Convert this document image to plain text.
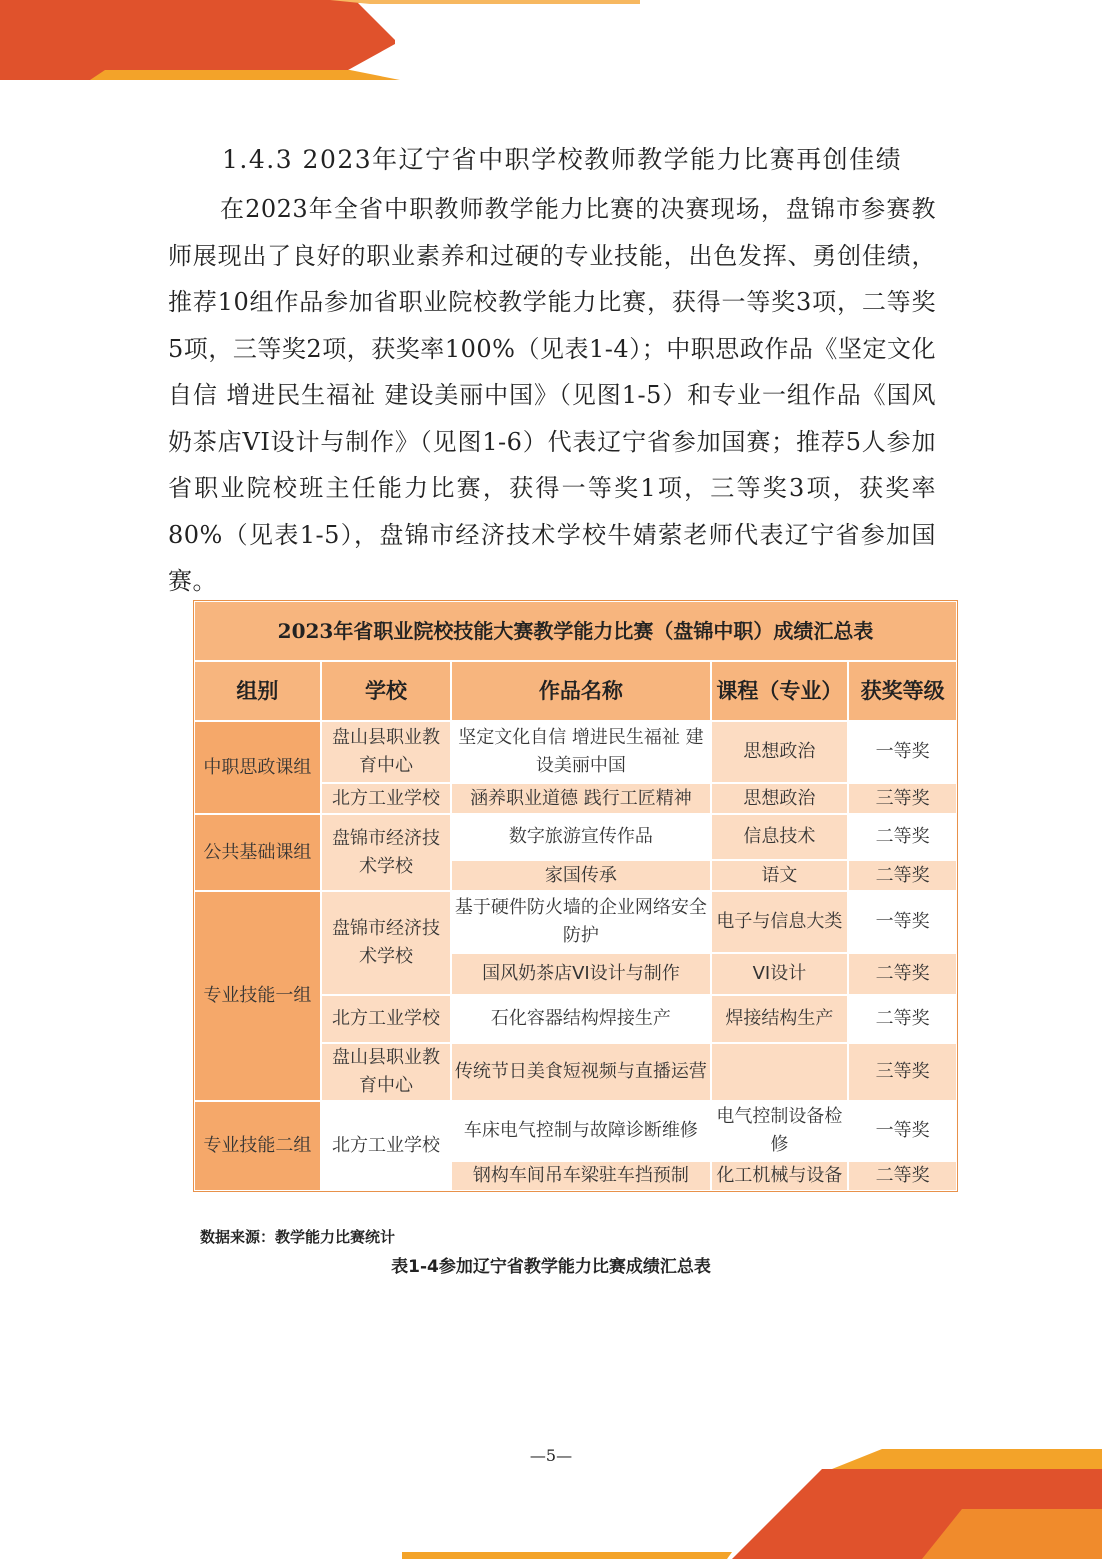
1.4.3 2023年辽宁省中职学校教师教学能力比赛再创佳绩

在2023年全省中职教师教学能力比赛的决赛现场，盘锦市参赛教师展现出了良好的职业素养和过硬的专业技能，出色发挥、勇创佳绩，推荐10组作品参加省职业院校教学能力比赛，获得一等奖3项，二等奖5项，三等奖2项，获奖率100%（见表1-4）；中职思政作品《坚定文化自信 增进民生福祉 建设美丽中国》（见图1-5）和专业一组作品《国风奶茶店VI设计与制作》（见图1-6）代表辽宁省参加国赛；推荐5人参加省职业院校班主任能力比赛，获得一等奖1项，三等奖3项，获奖率80%（见表1-5），盘锦市经济技术学校牛婧萦老师代表辽宁省参加国赛。

2023年省职业院校技能大赛教学能力比赛（盘锦中职）成绩汇总表				
组别	学校	作品名称	课程（专业）	获奖等级
中职思政课组	盘山县职业教育中心	坚定文化自信 增进民生福祉 建设美丽中国	思想政治	一等奖
	北方工业学校	涵养职业道德 践行工匠精神	思想政治	三等奖
公共基础课组	盘锦市经济技术学校	数字旅游宣传作品	信息技术	二等奖
		家国传承	语文	二等奖
专业技能一组	盘锦市经济技术学校	基于硬件防火墙的企业网络安全防护	电子与信息大类	一等奖
		国风奶茶店VI设计与制作	VI设计	二等奖
	北方工业学校	石化容器结构焊接生产	焊接结构生产	二等奖
	盘山县职业教育中心	传统节日美食短视频与直播运营		三等奖
专业技能二组	北方工业学校	车床电气控制与故障诊断维修	电气控制设备检修	一等奖
		钢构车间吊车梁驻车挡预制	化工机械与设备	二等奖
数据来源：教学能力比赛统计
表1-4参加辽宁省教学能力比赛成绩汇总表
—5—
